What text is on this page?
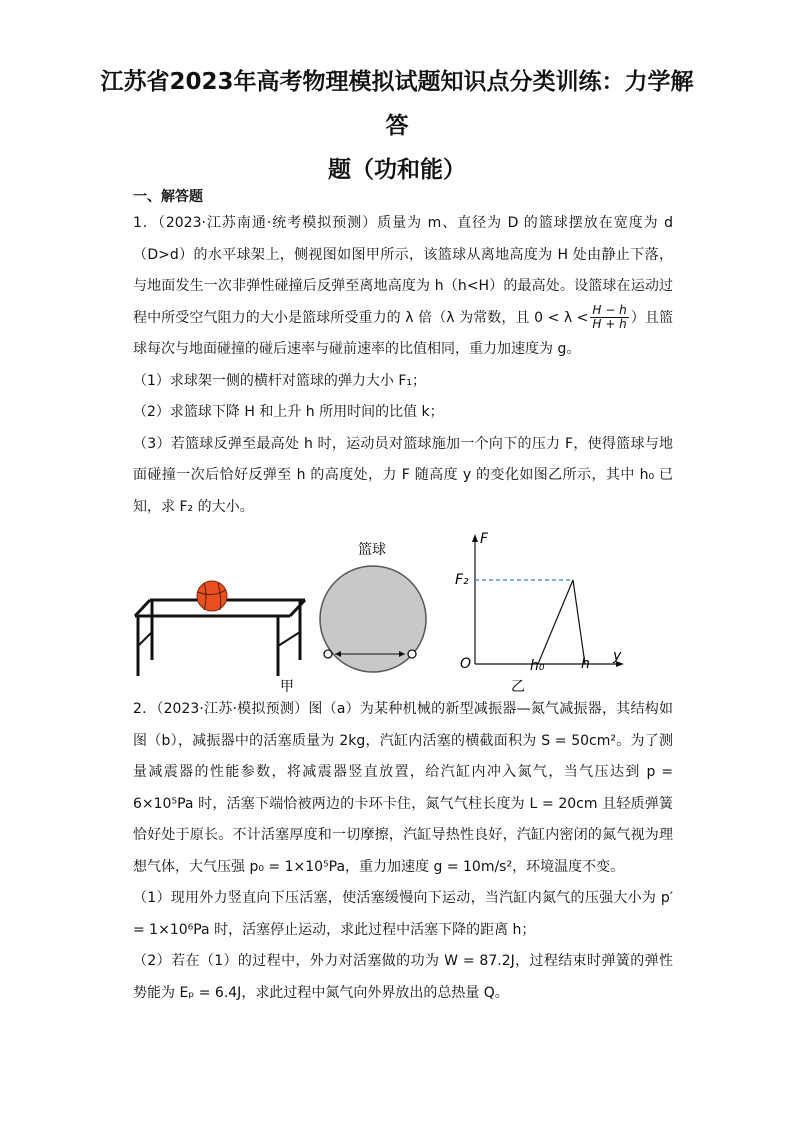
江苏省2023年高考物理模拟试题知识点分类训练：力学解答
题（功和能）
一、解答题

1．（2023·江苏南通·统考模拟预测）质量为 m、直径为 D 的篮球摆放在宽度为 d（D>d）的水平球架上，侧视图如图甲所示，该篮球从离地高度为 H 处由静止下落，与地面发生一次非弹性碰撞后反弹至离地高度为 h（h<H）的最高处。设篮球在运动过程中所受空气阻力的大小是篮球所受重力的 λ 倍（λ 为常数，且 $0 < \lambda < \frac{H - h}{H + h}$ ）且篮球每次与地面碰撞的碰后速率与碰前速率的比值相同，重力加速度为 g。

（1）求球架一侧的横杆对篮球的弹力大小 F₁；

（2）求篮球下降 H 和上升 h 所用时间的比值 k；

（3）若篮球反弹至最高处 h 时，运动员对篮球施加一个向下的压力 F，使得篮球与地面碰撞一次后恰好反弹至 h 的高度处，力 F 随高度 y 的变化如图乙所示，其中 h₀ 已知，求 F₂ 的大小。

甲
篮球
F
y
O
F₂
h₀	h
乙

2．（2023·江苏·模拟预测）图（a）为某种机械的新型减振器—氮气减振器，其结构如图（b），减振器中的活塞质量为 2kg，汽缸内活塞的横截面积为 S = 50cm²。为了测量减震器的性能参数，将减震器竖直放置，给汽缸内冲入氮气，当气压达到 p = 6×10⁵Pa 时，活塞下端恰被两边的卡环卡住，氮气气柱长度为 L = 20cm 且轻质弹簧恰好处于原长。不计活塞厚度和一切摩擦，汽缸导热性良好，汽缸内密闭的氮气视为理想气体，大气压强 p₀ = 1×10⁵Pa，重力加速度 g = 10m/s²，环境温度不变。

（1）现用外力竖直向下压活塞，使活塞缓慢向下运动，当汽缸内氮气的压强大小为 p′ = 1×10⁶Pa 时，活塞停止运动，求此过程中活塞下降的距离 h；

（2）若在（1）的过程中，外力对活塞做的功为 W = 87.2J，过程结束时弹簧的弹性势能为 Eₚ = 6.4J，求此过程中氮气向外界放出的总热量 Q。
